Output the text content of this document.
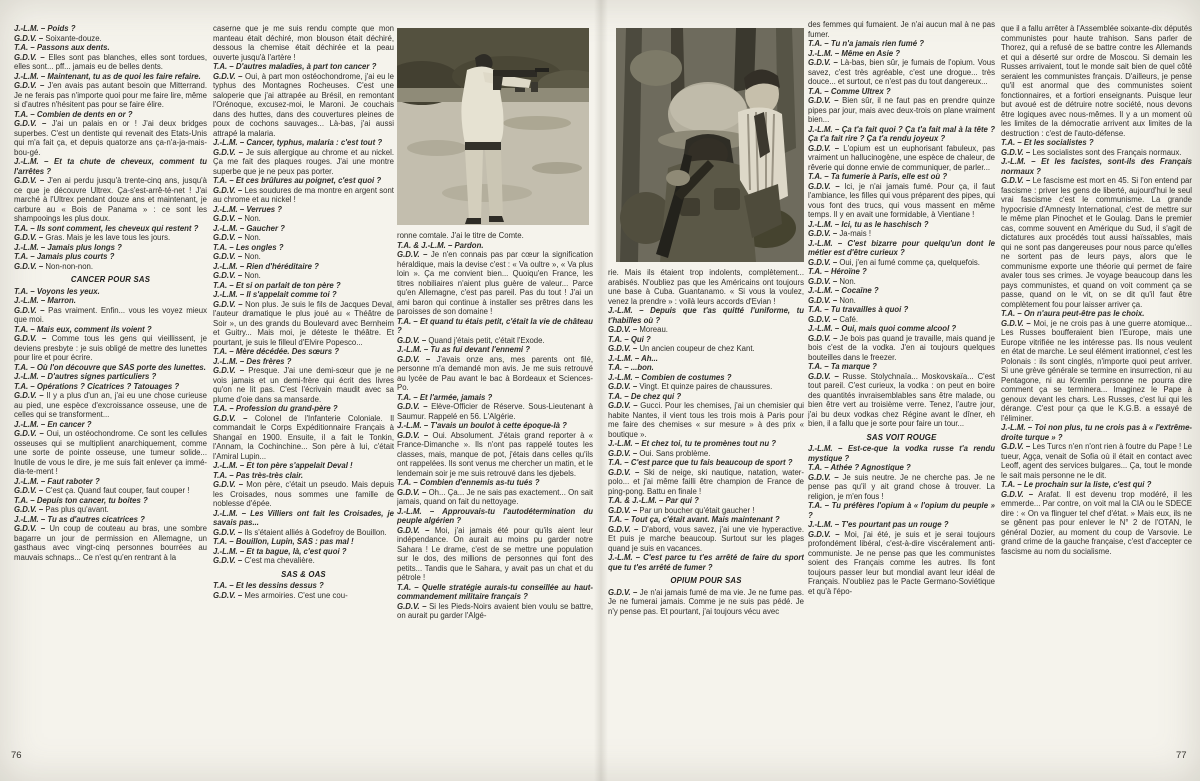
J.-L.M. – Poids ?

G.D.V. – Soixante-douze.

T.A. – Passons aux dents.

G.D.V. – Elles sont pas blanches, elles sont tordues, elles sont... pff... jamais eu de belles dents.

J.-L.M. – Maintenant, tu as de quoi les faire refaire.

G.D.V. – J'en avais pas autant besoin que Mitterrand. Je ne ferais pas n'importe quoi pour me faire lire, même si d'autres n'hésitent pas pour se faire élire.

T.A. – Combien de dents en or ?

G.D.V. – J'ai un palais en or ! J'ai deux bridges superbes. C'est un dentiste qui revenait des Etats-Unis qui m'a fait ça, et depuis quatorze ans ça-n'a-ja-mais-bou-gé.

J.-L.M. – Et ta chute de cheveux, comment tu l'arrêtes ?

G.D.V. – J'en ai perdu jusqu'à trente-cinq ans, jusqu'à ce que je découvre Ultrex. Ça-s'est-arrê-té-net ! J'ai marché à l'Ultrex pendant douze ans et maintenant, je carbure au « Bois de Panama » : ce sont les shampooings les plus doux.

T.A. – Ils sont comment, les cheveux qui restent ?

G.D.V. – Gras. Mais je les lave tous les jours.

J.-L.M. – Jamais plus longs ?

T.A. – Jamais plus courts ?

G.D.V. – Non-non-non.

CANCER POUR SAS

T.A. – Voyons les yeux.

J.-L.M. – Marron.

G.D.V. – Pas vraiment. Enfin... vous les voyez mieux que moi.

T.A. – Mais eux, comment ils voient ?

G.D.V. – Comme tous les gens qui vieillissent, je deviens presbyte : je suis obligé de mettre des lunettes pour lire et pour écrire.

T.A. – Où l'on découvre que SAS porte des lunettes.

J.-L.M. – D'autres signes particuliers ?

T.A. – Opérations ? Cicatrices ? Tatouages ?

G.D.V. – Il y a plus d'un an, j'ai eu une chose curieuse au pied, une espèce d'excroissance osseuse, une de celles qui se transforment...

J.-L.M. – En cancer ?

G.D.V. – Oui, un ostéochondrome. Ce sont les cellules osseuses qui se multiplient anarchiquement, comme une sorte de pointe osseuse, une tumeur solide... Inutile de vous le dire, je me suis fait enlever ça immé-dia-te-ment !

J.-L.M. – Faut raboter ?

G.D.V. – C'est ça. Quand faut couper, faut couper !

T.A. – Depuis ton cancer, tu boites ?

G.D.V. – Pas plus qu'avant.

J.-L.M. – Tu as d'autres cicatrices ?

G.D.V. – Un coup de couteau au bras, une sombre bagarre un jour de permission en Allemagne, un gasthaus avec vingt-cinq personnes bourrées au mauvais schnaps... Ce n'est qu'en rentrant à la

caserne que je me suis rendu compte que mon manteau était déchiré, mon blouson était déchiré, dessous la chemise était déchirée et la peau ouverte jusqu'à l'artère !

T.A. – D'autres maladies, à part ton cancer ?

G.D.V. – Oui, à part mon ostéochondrome, j'ai eu le typhus des Montagnes Rocheuses. C'est une saloperie que j'ai attrapée au Brésil, en remontant l'Orénoque, excusez-moi, le Maroni. Je couchais dans des huttes, dans des couvertures pleines de poux de cochons sauvages... Là-bas, j'ai aussi attrapé la malaria.

J.-L.M. – Cancer, typhus, malaria : c'est tout ?

G.D.V. – Je suis allergique au chrome et au nickel. Ça me fait des plaques rouges. J'ai une montre superbe que je ne peux pas porter.

T.A. – Et ces brûlures au poignet, c'est quoi ?

G.D.V. – Les soudures de ma montre en argent sont au chrome et au nickel !

J.-L.M. – Verrues ?

G.D.V. – Non.

J.-L.M. – Gaucher ?

G.D.V. – Non.

T.A. – Les ongles ?

G.D.V. – Non.

J.-L.M. – Rien d'héréditaire ?

G.D.V. – Non.

T.A. – Et si on parlait de ton père ?

J.-L.M. – Il s'appelait comme toi ?

G.D.V. – Non plus. Je suis le fils de Jacques Deval, l'auteur dramatique le plus joué au « Théâtre de Soir », un des grands du Boulevard avec Bernheim et Guitry... Mais moi, je déteste le théâtre. Et pourtant, je suis le filleul d'Elvire Popesco...

T.A. – Mère décédée. Des sœurs ?

J.-L.M. – Des frères ?

G.D.V. – Presque. J'ai une demi-sœur que je ne vois jamais et un demi-frère qui écrit des livres qu'on ne lit pas. C'est l'écrivain maudit avec sa plume d'oie dans sa mansarde.

T.A. – Profession du grand-père ?

G.D.V. – Colonel de l'Infanterie Coloniale. Il commandait le Corps Expéditionnaire Français à Shangaï en 1900. Ensuite, il a fait le Tonkin, l'Annam, la Cochinchine... Son père à lui, c'était l'Amiral Lupin...

J.-L.M. – Et ton père s'appelait Deval !

T.A. – Pas très-très clair.

G.D.V. – Mon père, c'était un pseudo. Mais depuis les Croisades, nous sommes une famille de noblesse d'épée.

J.-L.M. – Les Villiers ont fait les Croisades, je savais pas...

G.D.V. – Ils s'étaient alliés à Godefroy de Bouillon.

T.A. – Bouillon, Lupin, SAS : pas mal !

J.-L.M. – Et ta bague, là, c'est quoi ?

G.D.V. – C'est ma chevalière.

SAS & OAS

T.A. – Et les dessins dessus ?

G.D.V. – Mes armoiries. C'est une cou-

ronne comtale. J'ai le titre de Comte.

T.A. & J.-L.M. – Pardon.

G.D.V. – Je n'en connais pas par cœur la signification héraldique, mais la devise c'est : « Va oultre », « Va plus loin ». Ça me convient bien... Quoiqu'en France, les titres nobiliaires n'aient plus guère de valeur... Parce qu'en Allemagne, c'est pas pareil. Pas du tout ! J'ai un ami baron qui continue à installer ses prêtres dans les paroisses de son domaine !

T.A. – Et quand tu étais petit, c'était la vie de château ?

G.D.V. – Quand j'étais petit, c'était l'Exode.

J.-L.M. – Tu as fui devant l'ennemi ?

G.D.V. – J'avais onze ans, mes parents ont filé, personne m'a demandé mon avis. Je me suis retrouvé au lycée de Pau avant le bac à Bordeaux et Sciences-Po.

T.A. – Et l'armée, jamais ?

G.D.V. – Elève-Officier de Réserve. Sous-Lieutenant à Saumur. Rappelé en 56. L'Algérie.

J.-L.M. – T'avais un boulot à cette époque-là ?

G.D.V. – Oui. Absolument. J'étais grand reporter à « France-Dimanche ». Ils n'ont pas rappelé toutes les classes, mais, manque de pot, j'étais dans celles qu'ils ont rappelées. Ils sont venus me chercher un matin, et le lendemain soir je me suis retrouvé dans les djebels.

T.A. – Combien d'ennemis as-tu tués ?

G.D.V. – Oh... Ça... Je ne sais pas exactement... On sait jamais, quand on fait du nettoyage.

J.-L.M. – Approuvais-tu l'autodétermination du peuple algérien ?

G.D.V. – Moi, j'ai jamais été pour qu'ils aient leur indépendance. On aurait au moins pu garder notre Sahara ! Le drame, c'est de se mettre une population sur le dos, des millions de personnes qui font des petits... Tandis que le Sahara, y avait pas un chat et du pétrole !

T.A. – Quelle stratégie aurais-tu conseillée au haut-commandement militaire français ?

G.D.V. – Si les Pieds-Noirs avaient bien voulu se battre, on aurait pu garder l'Algé-

rie. Mais ils étaient trop indolents, complètement... arabisés. N'oubliez pas que les Américains ont toujours une base à Cuba. Guantanamo. « Si vous la voulez, venez la prendre » : voilà leurs accords d'Evian !

J.-L.M. – Depuis que t'as quitté l'uniforme, tu t'habilles où ?

G.D.V. – Moreau.

T.A. – Qui ?

G.D.V. – Un ancien coupeur de chez Kant.

J.-L.M. – Ah...

T.A. – ...bon.

J.-L.M. – Combien de costumes ?

G.D.V. – Vingt. Et quinze paires de chaussures.

T.A. – De chez qui ?

G.D.V. – Gucci. Pour les chemises, j'ai un chemisier qui habite Nantes, il vient tous les trois mois à Paris pour me faire des chemises « sur mesure » à des prix « boutique ».

J.-L.M. – Et chez toi, tu te promènes tout nu ?

G.D.V. – Oui. Sans problème.

T.A. – C'est parce que tu fais beaucoup de sport ?

G.D.V. – Ski de neige, ski nautique, natation, water-polo... et j'ai même failli être champion de France de ping-pong. Battu en finale !

T.A. & J.-L.M. – Par qui ?

G.D.V. – Par un boucher qu'était gaucher !

T.A. – Tout ça, c'était avant. Mais maintenant ?

G.D.V. – D'abord, vous savez, j'ai une vie hyperactive. Et puis je marche beaucoup. Surtout sur les plages quand je suis en vacances.

J.-L.M. – C'est parce tu t'es arrêté de faire du sport que tu t'es arrêté de fumer ?

OPIUM POUR SAS

G.D.V. – Je n'ai jamais fumé de ma vie. Je ne fume pas. Je ne fumerai jamais. Comme je ne suis pas pédé. Je n'y pense pas. Et pourtant, j'ai toujours vécu avec

des femmes qui fumaient. Je n'ai aucun mal à ne pas fumer.

T.A. – Tu n'a jamais rien fumé ?

J.-L.M. – Même en Asie ?

G.D.V. – Là-bas, bien sûr, je fumais de l'opium. Vous savez, c'est très agréable, c'est une drogue... très douce... et surtout, ce n'est pas du tout dangereux...

T.A. – Comme Ultrex ?

G.D.V. – Bien sûr, il ne faut pas en prendre quinze pipes par jour, mais avec deux-trois on plane vraiment bien...

J.-L.M. – Ça t'a fait quoi ? Ça t'a fait mal à la tête ? Ça t'a fait rire ? Ça t'a rendu joyeux ?

G.D.V. – L'opium est un euphorisant fabuleux, pas vraiment un hallucinogène, une espèce de chaleur, de rêverie qui donne envie de communiquer, de parler...

T.A. – Ta fumerie à Paris, elle est où ?

G.D.V. – Ici, je n'ai jamais fumé. Pour ça, il faut l'ambiance, les filles qui vous préparent des pipes, qui vous font des trucs, qui vous massent en même temps. Il y en avait une formidable, à Vientiane !

J.-L.M. – Ici, tu as le haschisch ?

G.D.V. – Ja-mais !

J.-L.M. – C'est bizarre pour quelqu'un dont le métier est d'être curieux ?

G.D.V. – Oui, j'en ai fumé comme ça, quelquefois.

T.A. – Héroïne ?

G.D.V. – Non.

J.-L.M. – Cocaïne ?

G.D.V. – Non.

T.A. – Tu travailles à quoi ?

G.D.V. – Café.

J.-L.M. – Oui, mais quoi comme alcool ?

G.D.V. – Je bois pas quand je travaille, mais quand je bois c'est de la vodka. J'en ai toujours quelques bouteilles dans le freezer.

T.A. – Ta marque ?

G.D.V. – Russe. Stolychnaïa... Moskovskaïa... C'est tout pareil. C'est curieux, la vodka : on peut en boire des quantités invraisemblables sans être malade, ou bien être vert au troisième verre. Tenez, l'autre jour, j'ai bu deux vodkas chez Régine avant le dîner, eh bien, il a fallu que je sorte pour faire un tour...

SAS VOIT ROUGE

J.-L.M. – Est-ce-que la vodka russe t'a rendu mystique ?

T.A. – Athée ? Agnostique ?

G.D.V. – Je suis neutre. Je ne cherche pas. Je ne pense pas qu'il y ait grand chose à trouver. La religion, je m'en fous !

T.A. – Tu préfères l'opium à « l'opium du peuple » ?

J.-L.M. – T'es pourtant pas un rouge ?

G.D.V. – Moi, j'ai été, je suis et je serai toujours profondément libéral, c'est-à-dire viscéralement anti-communiste. Je ne pense pas que les communistes soient des Français comme les autres. Ils font toujours passer leur but mondial avant leur idéal de Français. N'oubliez pas le Pacte Germano-Soviétique et qu'à l'épo-

que il a fallu arrêter à l'Assemblée soixante-dix députés communistes pour haute trahison. Sans parler de Thorez, qui a refusé de se battre contre les Allemands et qui a déserté sur ordre de Moscou. Si demain les Russes arrivaient, tout le monde sait bien de quel côté seraient les communistes français. D'ailleurs, je pense qu'il est anormal que des communistes soient fonctionnaires, et a fortiori enseignants. Puisque leur but avoué est de détruire notre société, nous devons être logiques avec nous-mêmes. Il y a un moment où les limites de la démocratie arrivent aux limites de la destruction : c'est de l'auto-défense.

T.A. – Et les socialistes ?

G.D.V. – Les socialistes sont des Français normaux.

J.-L.M. – Et les facistes, sont-ils des Français normaux ?

G.D.V. – Le fascisme est mort en 45. Si l'on entend par fascisme : priver les gens de liberté, aujourd'hui le seul vrai fascisme c'est le communisme. La grande hypocrisie d'Amnesty International, c'est de mettre sur le même plan Pinochet et le Goulag. Dans le premier cas, comme souvent en Amérique du Sud, il s'agit de dictatures aux procédés tout aussi haïssables, mais qui ne sont pas dangereuses pour nous parce qu'elles ne sortent pas de leurs pays, alors que le communisme exporte une théorie qui permet de faire avaler tous ses crimes. Je voyage beaucoup dans les pays communistes, et quand on voit comment ça se passe, quand on le vit, on se dit qu'il faut être complètement fou pour laisser arriver ça.

T.A. – On n'aura peut-être pas le choix.

G.D.V. – Moi, je ne crois pas à une guerre atomique... Les Russes boufferaient bien l'Europe, mais une Europe vitrifiée ne les intéresse pas. Ils nous veulent en état de marche. Le seul élément irrationnel, c'est les Polonais : ils sont cinglés, n'importe quoi peut arriver. Si une grève générale se termine en insurrection, ni au Pentagone, ni au Kremlin personne ne pourra dire comment ça se terminera... Imaginez le Pape à genoux devant les chars. Les Russes, c'est lui qui les dérange. C'est pour ça que le K.G.B. a essayé de l'éliminer.

J.-L.M. – Toi non plus, tu ne crois pas à « l'extrême-droite turque » ?

G.D.V. – Les Turcs n'en n'ont rien à foutre du Pape ! Le tueur, Agça, venait de Sofia où il était en contact avec Leoff, agent des services bulgares... Ça, tout le monde le sait mais personne ne le dit.

T.A. – Le prochain sur la liste, c'est qui ?

G.D.V. – Arafat. Il est devenu trop modéré, il les emmerde... Par contre, on voit mal la CIA ou le SDECE dire : « On va flinguer tel chef d'état. » Mais eux, ils ne se gênent pas pour enlever le N° 2 de l'OTAN, le général Dozier, au moment du coup de Varsovie. Le grand crime de la gauche française, c'est d'accepter ce fascisme au nom du socialisme.

76	77
